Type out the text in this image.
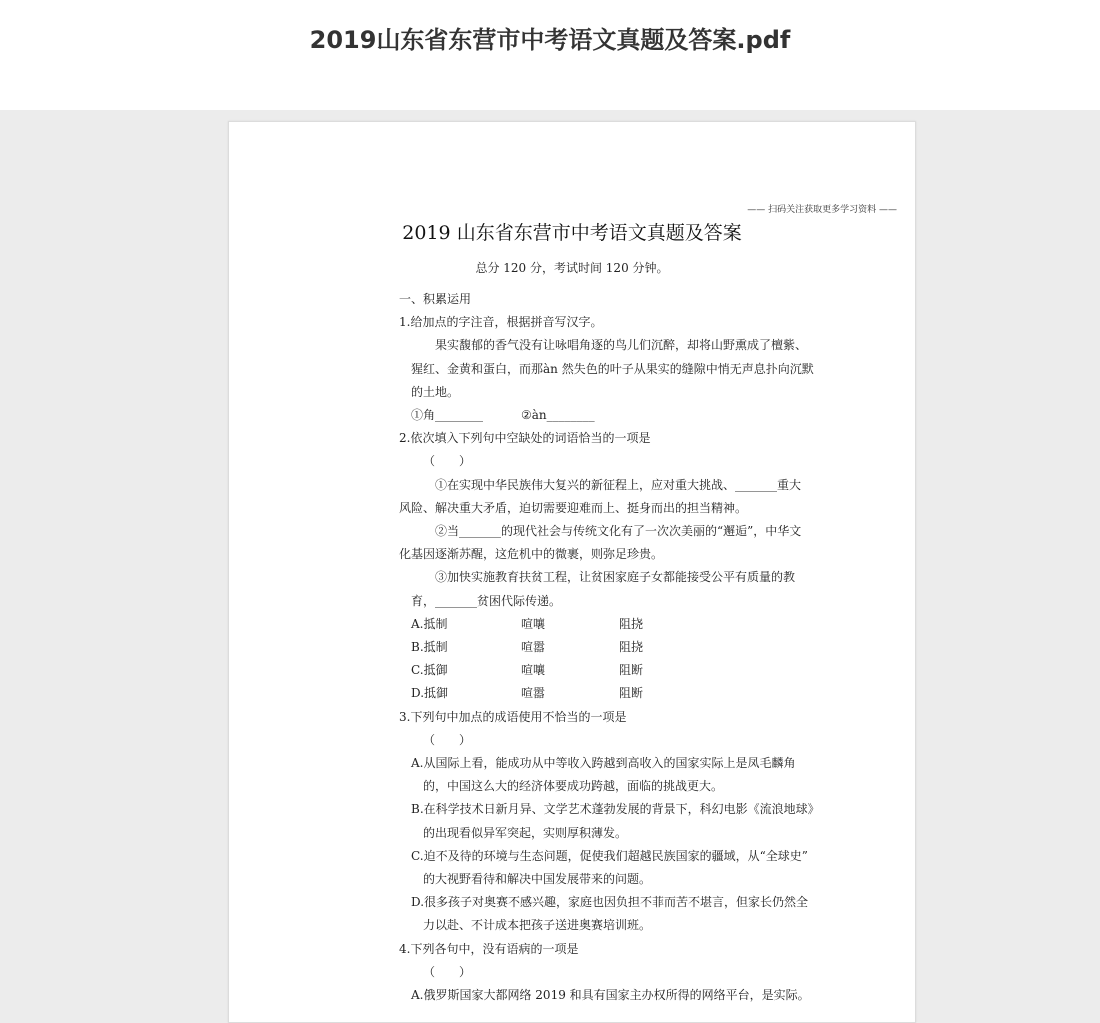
2019山东省东营市中考语文真题及答案.pdf
—— 扫码关注获取更多学习资料 ——
2019 山东省东营市中考语文真题及答案
总分 120 分，考试时间 120 分钟。
一、积累运用
1.给加点的字注音，根据拼音写汉字。
果实馥郁的香气没有让咏唱角逐的鸟儿们沉醉，却将山野熏成了檀紫、
猩红、金黄和蛋白，而那àn 然失色的叶子从果实的缝隙中悄无声息扑向沉默
的土地。
①角________	②àn________
2.依次填入下列句中空缺处的词语恰当的一项是
（　　）
①在实现中华民族伟大复兴的新征程上，应对重大挑战、_______重大
风险、解决重大矛盾，迫切需要迎难而上、挺身而出的担当精神。
②当_______的现代社会与传统文化有了一次次美丽的“邂逅”，中华文
化基因逐渐苏醒，这危机中的微裹，则弥足珍贵。
③加快实施教育扶贫工程，让贫困家庭子女都能接受公平有质量的教
育，_______贫困代际传递。
A.抵制	喧嚷	阻挠
B.抵制	喧嚣	阻挠
C.抵御	喧嚷	阻断
D.抵御	喧嚣	阻断
3.下列句中加点的成语使用不恰当的一项是
（　　）
A.从国际上看，能成功从中等收入跨越到高收入的国家实际上是凤毛麟角
的，中国这么大的经济体要成功跨越，面临的挑战更大。
B.在科学技术日新月异、文学艺术蓬勃发展的背景下，科幻电影《流浪地球》
的出现看似异军突起，实则厚积薄发。
C.迫不及待的环境与生态问题，促使我们超越民族国家的疆域，从“全球史”
的大视野看待和解决中国发展带来的问题。
D.很多孩子对奥赛不感兴趣，家庭也因负担不菲而苦不堪言，但家长仍然全
力以赴、不计成本把孩子送进奥赛培训班。
4.下列各句中，没有语病的一项是
（　　）
A.俄罗斯国家大都网络 2019 和具有国家主办权所得的网络平台，是实际。
